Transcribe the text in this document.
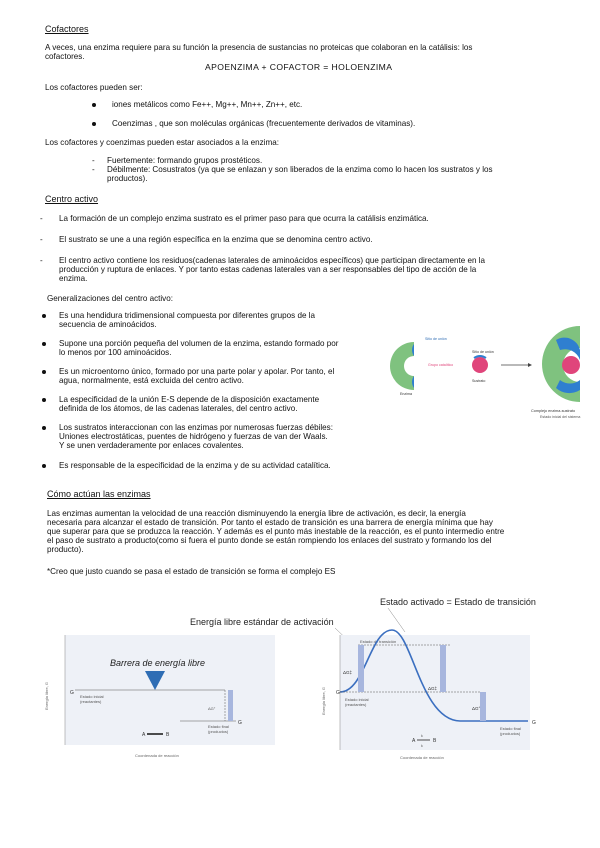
Cofactores
A veces, una enzima requiere para su función la presencia de sustancias no proteicas que colaboran en la catálisis: los
cofactores.
APOENZIMA + COFACTOR = HOLOENZIMA
Los cofactores pueden ser:
iones metálicos como Fe++, Mg++, Mn++, Zn++, etc.
Coenzimas , que son moléculas orgánicas (frecuentemente derivados de vitaminas).
Los cofactores y coenzimas pueden estar asociados a la enzima:
- Fuertemente: formando grupos prostéticos.
- Débilmente: Cosustratos (ya que se enlazan y son liberados de la enzima como lo hacen los sustratos y los
productos).
Centro activo
- La formación de un complejo enzima sustrato es el primer paso para que ocurra la catálisis enzimática.
- El sustrato se une a una región específica en la enzima que se denomina centro activo.
- El centro activo contiene los residuos(cadenas laterales de aminoácidos específicos) que participan directamente en la
producción y ruptura de enlaces. Y por tanto estas cadenas laterales van a ser responsables del tipo de acción de la
enzima.
Generalizaciones del centro activo:
Es una hendidura tridimensional compuesta por diferentes grupos de la
secuencia de aminoácidos.
Supone una porción pequeña del volumen de la enzima, estando formado por
lo menos por 100 aminoácidos.
Es un microentorno único, formado por una parte polar y apolar. Por tanto, el
agua, normalmente, está excluida del centro activo.
La especificidad de la unión E-S depende de la disposición exactamente
definida de los átomos, de las cadenas laterales, del centro activo.
Los sustratos interaccionan con las enzimas por numerosas fuerzas débiles:
Uniones electrostáticas, puentes de hidrógeno y fuerzas de van der Waals.
Y se unen verdaderamente por enlaces covalentes.
Es responsable de la especificidad de la enzima y de su actividad catalítica.
Sitio de unión
Grupo catalítico
Enzima
Sitio de unión
Sustrato
Complejo enzima-sustrato
Estado inicial del sistema
Cómo actúan las enzimas
Las enzimas aumentan la velocidad de una reacción disminuyendo la energía libre de activación, es decir, la energía
necesaria para alcanzar el estado de transición. Por tanto el estado de transición es una barrera de energía mínima que hay
que superar para que se produzca la reacción. Y además es el punto más inestable de la reacción, es el punto intermedio entre
el paso de sustrato a producto(como si fuera el punto donde se están rompiendo los enlaces del sustrato y formando los del
producto).
*Creo que justo cuando se pasa el estado de transición se forma el complejo ES
Estado activado = Estado de transición
Energía libre estándar de activación
Barrera de energía libre
G
G
Estado inicial
(reactantes)
ΔG°
Estado final
(productos)
A	B
Coordenada de reacción
Energía libre, G
Estado de transición
ΔG‡
ΔG‡
ΔG°
G
G
Estado inicial
(reactantes)
Estado final
(productos)
A	B
k
k
Coordenada de reacción
Energía libre, G
